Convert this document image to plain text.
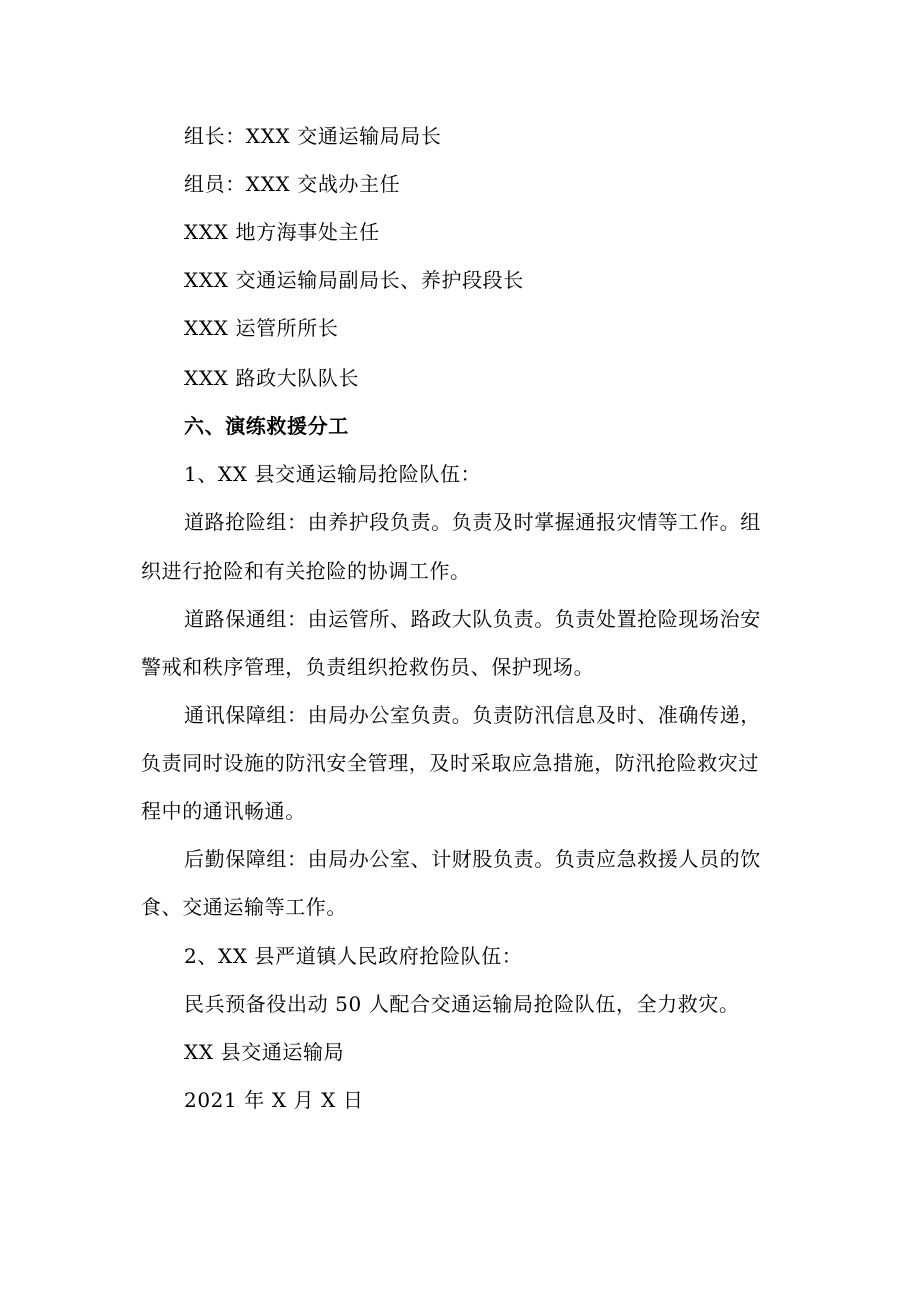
组长：XXX 交通运输局局长
组员：XXX 交战办主任
XXX 地方海事处主任
XXX 交通运输局副局长、养护段段长
XXX 运管所所长
XXX 路政大队队长
六、演练救援分工
1、XX 县交通运输局抢险队伍：
道路抢险组：由养护段负责。负责及时掌握通报灾情等工作。组
织进行抢险和有关抢险的协调工作。
道路保通组：由运管所、路政大队负责。负责处置抢险现场治安
警戒和秩序管理，负责组织抢救伤员、保护现场。
通讯保障组：由局办公室负责。负责防汛信息及时、准确传递，
负责同时设施的防汛安全管理，及时采取应急措施，防汛抢险救灾过
程中的通讯畅通。
后勤保障组：由局办公室、计财股负责。负责应急救援人员的饮
食、交通运输等工作。
2、XX 县严道镇人民政府抢险队伍：
民兵预备役出动 50 人配合交通运输局抢险队伍，全力救灾。
XX 县交通运输局
2021 年 X 月 X 日
